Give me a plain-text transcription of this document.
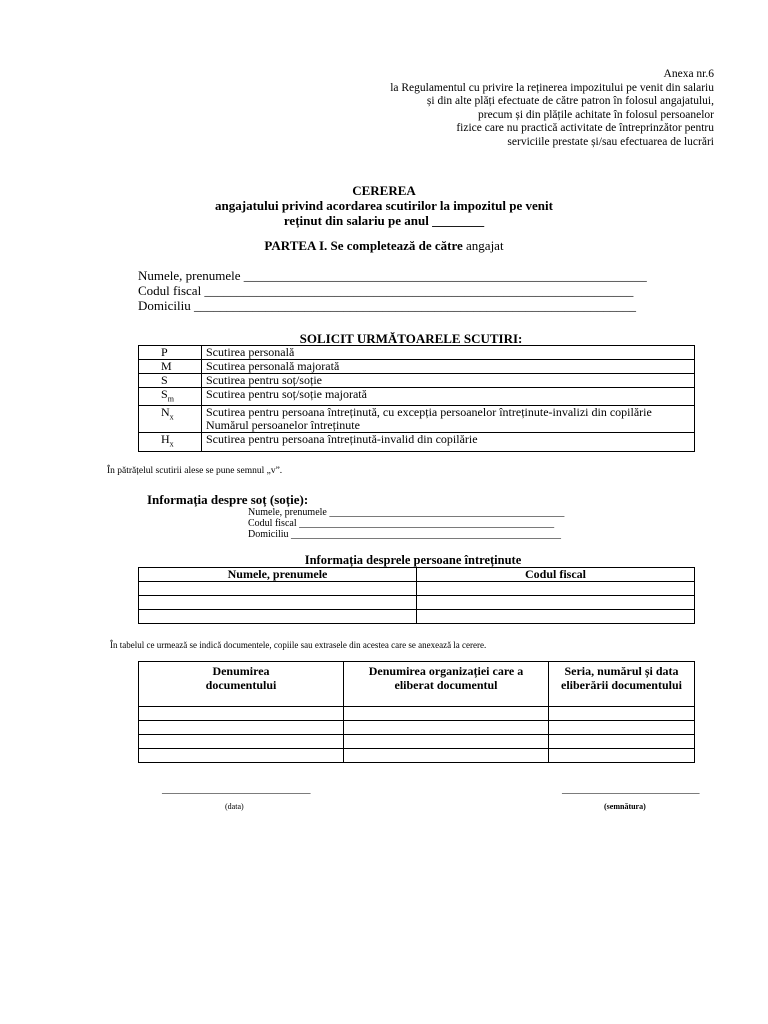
Anexa nr.6
la Regulamentul cu privire la reținerea impozitului pe venit din salariu
și din alte plăți efectuate de către patron în folosul angajatului,
precum și din plățile achitate în folosul persoanelor
fizice care nu practică activitate de întreprinzător pentru
serviciile prestate și/sau efectuarea de lucrări
CEREREA
angajatului privind acordarea scutirilor la impozitul pe venit
reținut din salariu pe anul ________
PARTEA I. Se completează de către angajat
Numele, prenumele ______________________________________________________________
Codul fiscal __________________________________________________________________
Domiciliu ____________________________________________________________________
SOLICIT URMĂTOARELE SCUTIRI:
P	Scutirea personală
M	Scutirea personală majorată
S	Scutirea pentru soț/soție
$S_m$	Scutirea pentru soț/soție majorată
$N_x$	Scutirea pentru persoana întreținută, cu excepția persoanelor întreținute-invalizi din copilărie
Numărul persoanelor întreținute

$H_x$	Scutirea pentru persoana întreținută-invalid din copilărie
În pătrățelul scutirii alese se pune semnul „v”.
Informația despre soț (soție):
Numele, prenumele _______________________________________________
Codul fiscal ___________________________________________________
Domiciliu ______________________________________________________
Informația desprele persoane întreținute
Numele, prenumele	Codul fiscal

În tabelul ce urmează se indică documentele, copiile sau extrasele din acestea care se anexează la cerere.
Denumirea documentului	Denumirea organizației care a eliberat documentul	Seria, numărul și data eliberării documentului

___________________________
(data)
_________________________
(semnătura)
